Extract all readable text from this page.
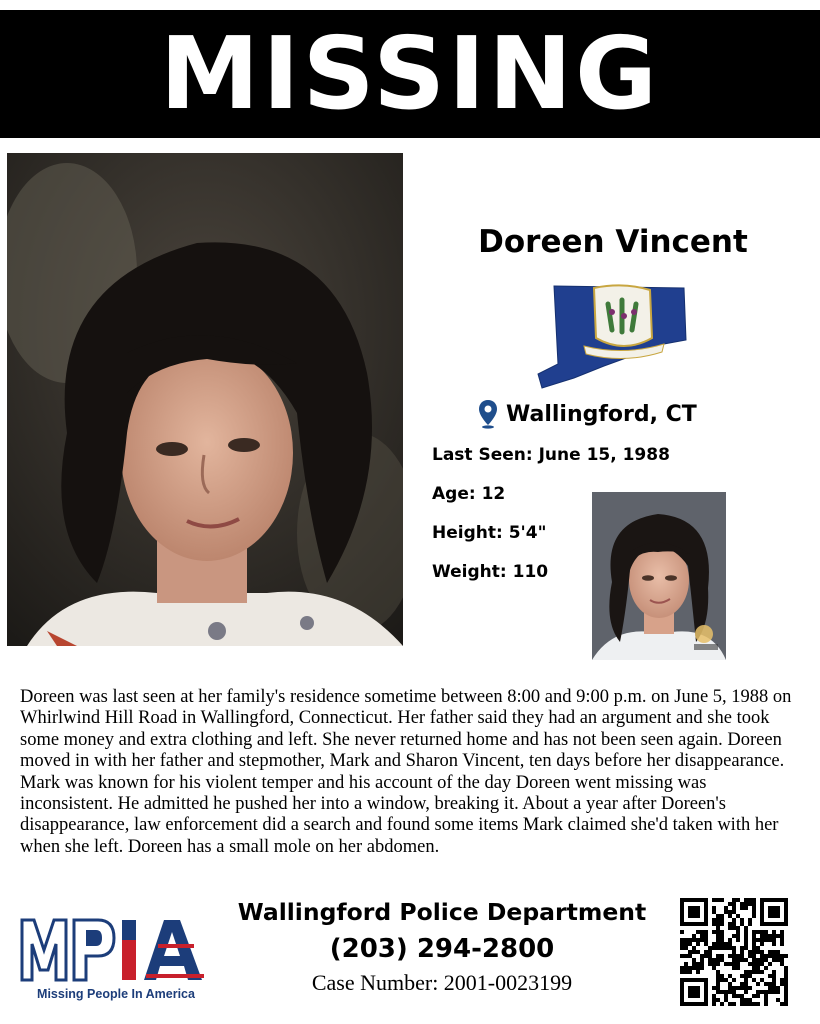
MISSING
Doreen Vincent
Wallingford, CT
Last Seen: June 15, 1988
Age: 12
Height: 5'4"
Weight: 110

Doreen was last seen at her family's residence sometime between 8:00 and 9:00 p.m. on June 5, 1988 on Whirlwind Hill Road in Wallingford, Connecticut. Her father said they had an argument and she took some money and extra clothing and left. She never returned home and has not been seen again. Doreen moved in with her father and stepmother, Mark and Sharon Vincent, ten days before her disappearance. Mark was known for his violent temper and his account of the day Doreen went missing was inconsistent. He admitted he pushed her into a window, breaking it. About a year after Doreen's disappearance, law enforcement did a search and found some items Mark claimed she'd taken with her when she left. Doreen has a small mole on her abdomen.

Missing People In America
Wallingford Police Department
(203) 294-2800
Case Number: 2001-0023199
